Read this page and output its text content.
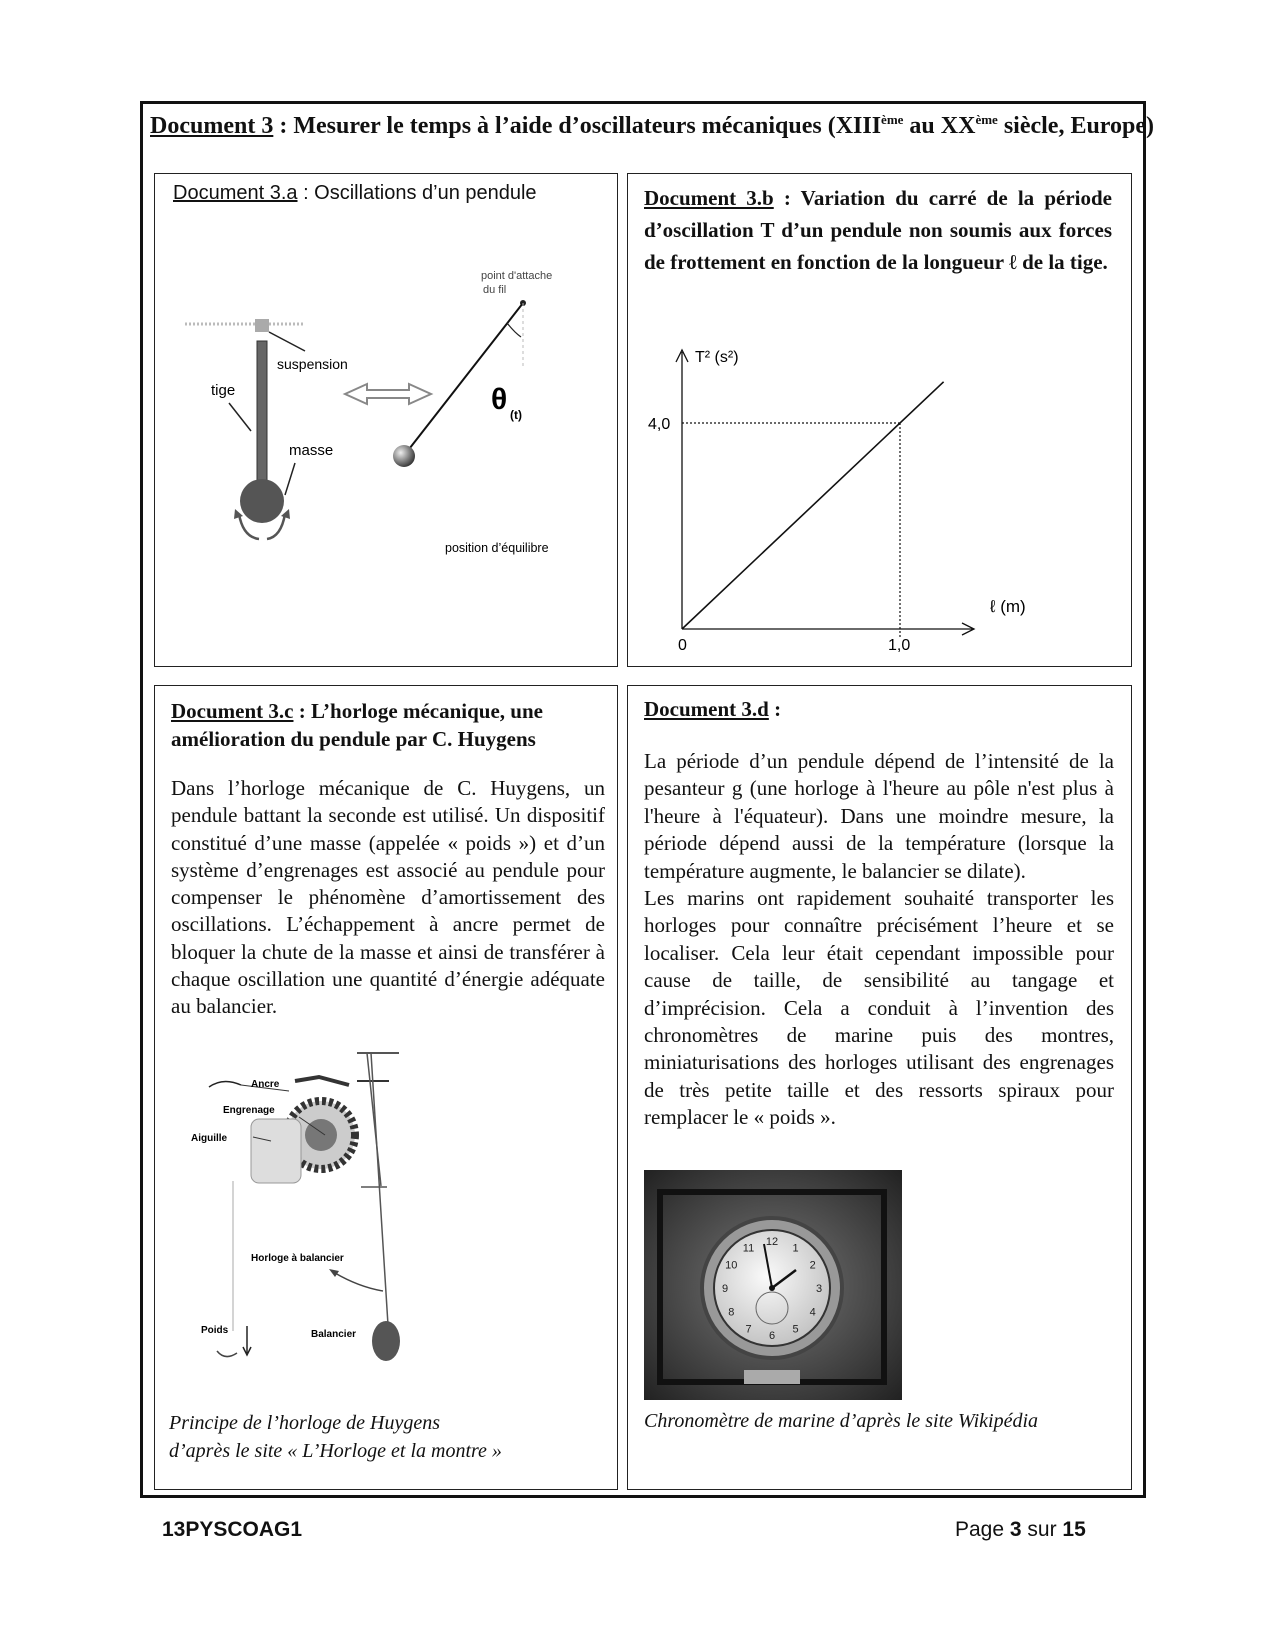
Document 3 : Mesurer le temps à l’aide d’oscillateurs mécaniques (XIIIème au XXème siècle, Europe)
Document 3.a : Oscillations d’un pendule
suspension
tige
masse
point d'attache
du fil
θ (t)
position d’équilibre
Document 3.b : Variation du carré de la période d’oscillation T d’un pendule non soumis aux forces de frottement en fonction de la longueur ℓ de la tige.
T² (s²)
ℓ (m)
0	1,0
4,0
Document 3.c : L’horloge mécanique, une amélioration du pendule par C. Huygens
Dans l’horloge mécanique de C. Huygens, un pendule battant la seconde est utilisé. Un dispositif constitué d’une masse (appelée « poids ») et d’un système d’engrenages est associé au pendule pour compenser le phénomène d’amortissement des oscillations. L’échappement à ancre permet de bloquer la chute de la masse et ainsi de transférer à chaque oscillation une quantité d’énergie adéquate au balancier.
Ancre
Engrenage
Aiguille
Horloge à balancier
Poids	Balancier
Principe de l’horloge de Huygens
d’après le site « L’Horloge et la montre »
Document 3.d :

La période d’un pendule dépend de l’intensité de la pesanteur g (une horloge à l'heure au pôle n'est plus à l'heure à l'équateur). Dans une moindre mesure, la période dépend aussi de la température (lorsque la température augmente, le balancier se dilate).

Les marins ont rapidement souhaité transporter les horloges pour connaître précisément l’heure et se localiser. Cela leur était cependant impossible pour cause de taille, de sensibilité au tangage et d’imprécision. Cela a conduit à l’invention des chronomètres de marine puis des montres, miniaturisations des horloges utilisant des engrenages de très petite taille et des ressorts spiraux pour remplacer le « poids ».

12
1
2
3
4
5
6
7
8
9
10
11
Chronomètre de marine d’après le site Wikipédia
13PYSCOAG1	Page 3 sur 15
